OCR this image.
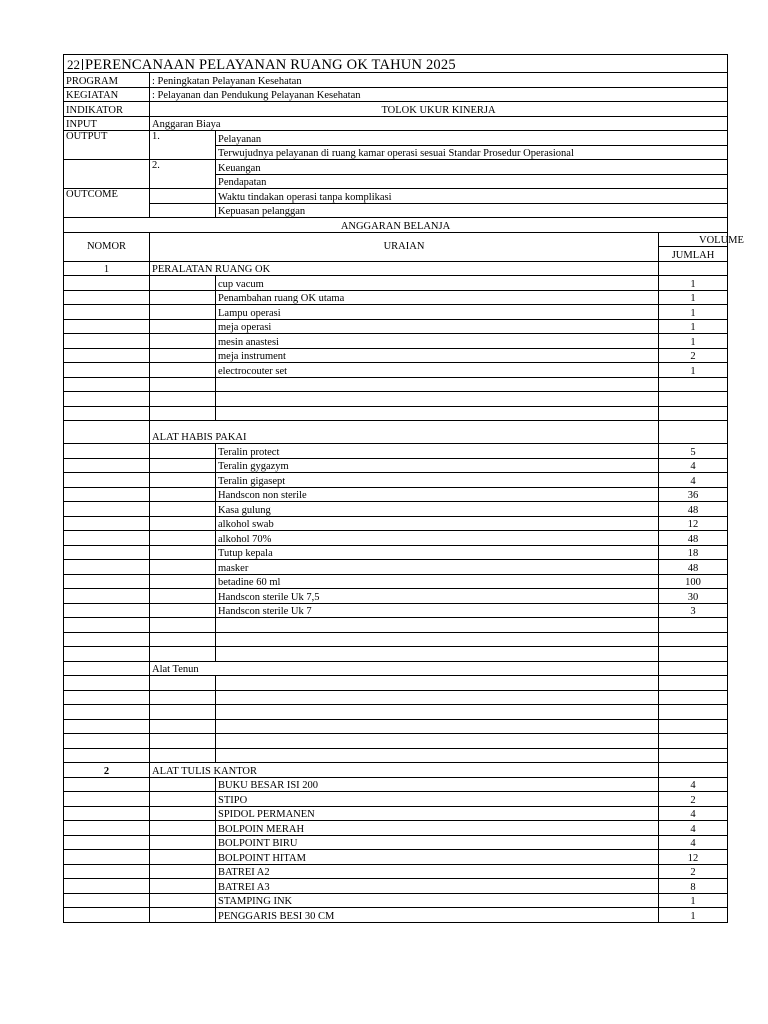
22 PERENCANAAN PELAYANAN RUANG OK TAHUN 2025			
PROGRAM	: Peningkatan Pelayanan Kesehatan		
KEGIATAN	: Pelayanan dan Pendukung Pelayanan Kesehatan		
INDIKATOR	TOLOK UKUR KINERJA		
INPUT	Anggaran Biaya		
OUTPUT	1.	Pelayanan	
		Terwujudnya pelayanan di ruang kamar operasi sesuai Standar Prosedur Operasional	
	2.	Keuangan	
		Pendapatan	
OUTCOME		Waktu tindakan operasi tanpa komplikasi	
		Kepuasan pelanggan	
ANGGARAN BELANJA			
NOMOR	URAIAN		VOLUME
			JUMLAH
1	PERALATAN RUANG OK		
		cup vacum	1
		Penambahan ruang OK utama	1
		Lampu operasi	1
		meja operasi	1
		mesin anastesi	1
		meja instrument	2
		electrocouter set	1

	ALAT HABIS PAKAI		
		Teralin protect	5
		Teralin gygazym	4
		Teralin gigasept	4
		Handscon non sterile	36
		Kasa gulung	48
		alkohol swab	12
		alkohol 70%	48
		Tutup kepala	18
		masker	48
		betadine 60 ml	100
		Handscon sterile Uk 7,5	30
		Handscon sterile Uk 7	3

	Alat Tenun		

2	ALAT TULIS KANTOR		
		BUKU BESAR ISI 200	4
		STIPO	2
		SPIDOL PERMANEN	4
		BOLPOIN MERAH	4
		BOLPOINT BIRU	4
		BOLPOINT HITAM	12
		BATREI A2	2
		BATREI A3	8
		STAMPING INK	1
		PENGGARIS BESI 30 CM	1
